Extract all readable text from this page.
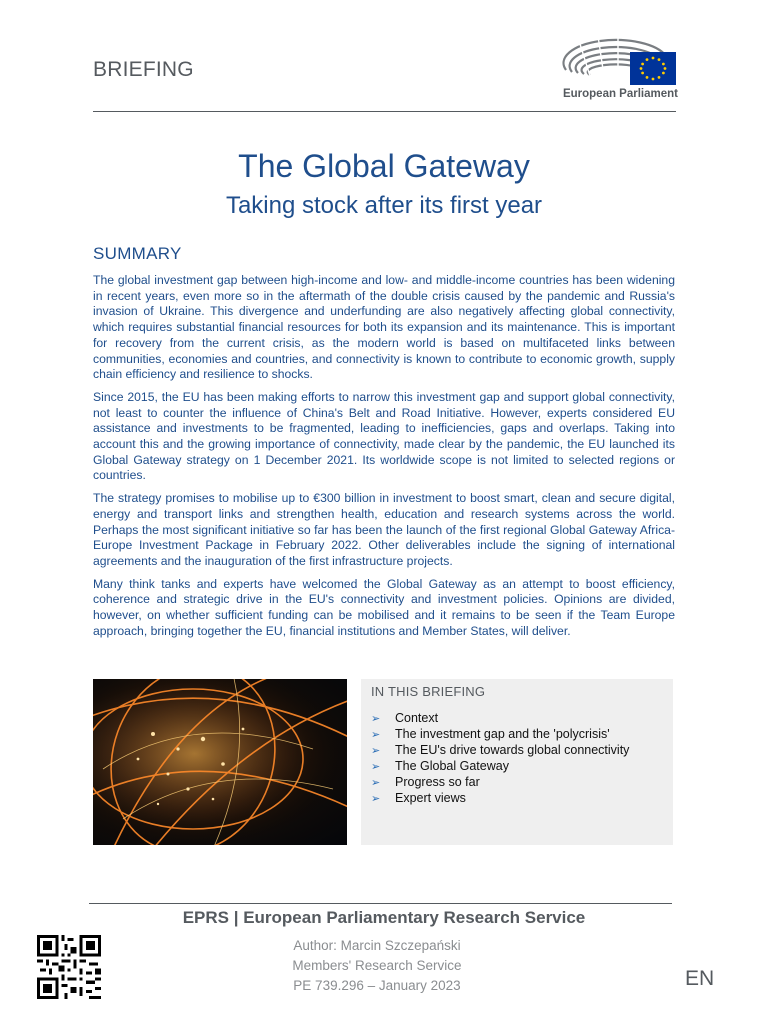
BRIEFING
European Parliament
The Global Gateway
Taking stock after its first year
SUMMARY

The global investment gap between high-income and low- and middle-income countries has been widening in recent years, even more so in the aftermath of the double crisis caused by the pandemic and Russia's invasion of Ukraine. This divergence and underfunding are also negatively affecting global connectivity, which requires substantial financial resources for both its expansion and its maintenance. This is important for recovery from the current crisis, as the modern world is based on multifaceted links between communities, economies and countries, and connectivity is known to contribute to economic growth, supply chain efficiency and resilience to shocks.

Since 2015, the EU has been making efforts to narrow this investment gap and support global connectivity, not least to counter the influence of China's Belt and Road Initiative. However, experts considered EU assistance and investments to be fragmented, leading to inefficiencies, gaps and overlaps. Taking into account this and the growing importance of connectivity, made clear by the pandemic, the EU launched its Global Gateway strategy on 1 December 2021. Its worldwide scope is not limited to selected regions or countries.

The strategy promises to mobilise up to €300 billion in investment to boost smart, clean and secure digital, energy and transport links and strengthen health, education and research systems across the world. Perhaps the most significant initiative so far has been the launch of the first regional Global Gateway Africa-Europe Investment Package in February 2022. Other deliverables include the signing of international agreements and the inauguration of the first infrastructure projects.

Many think tanks and experts have welcomed the Global Gateway as an attempt to boost efficiency, coherence and strategic drive in the EU's connectivity and investment policies. Opinions are divided, however, on whether sufficient funding can be mobilised and it remains to be seen if the Team Europe approach, bringing together the EU, financial institutions and Member States, will deliver.

IN THIS BRIEFING
➢	Context
➢	The investment gap and the 'polycrisis'
➢	The EU's drive towards global connectivity
➢	The Global Gateway
➢	Progress so far
➢	Expert views
EPRS | European Parliamentary Research Service
Author: Marcin Szczepański
Members' Research Service
PE 739.296 – January 2023	EN
